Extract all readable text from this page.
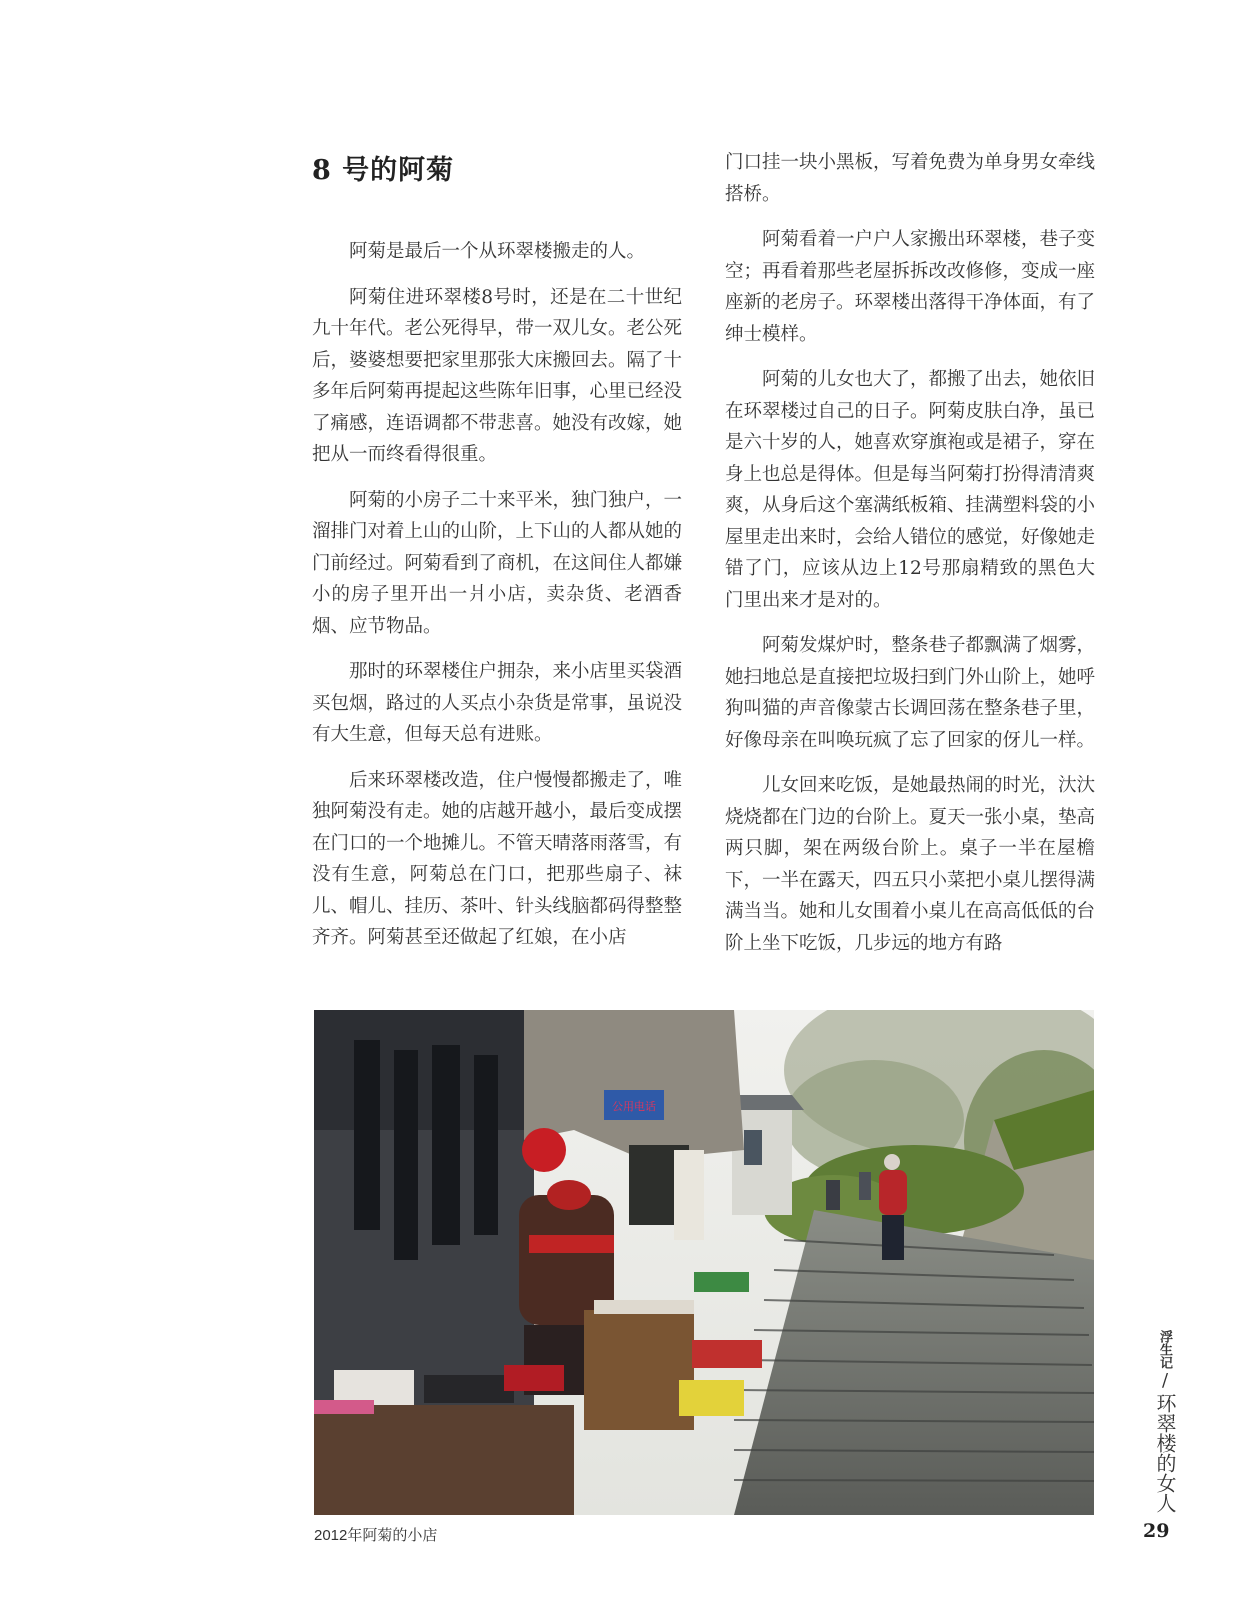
8 号的阿菊

阿菊是最后一个从环翠楼搬走的人。

阿菊住进环翠楼8号时，还是在二十世纪九十年代。老公死得早，带一双儿女。老公死后，婆婆想要把家里那张大床搬回去。隔了十多年后阿菊再提起这些陈年旧事，心里已经没了痛感，连语调都不带悲喜。她没有改嫁，她把从一而终看得很重。

阿菊的小房子二十来平米，独门独户，一溜排门对着上山的山阶，上下山的人都从她的门前经过。阿菊看到了商机，在这间住人都嫌小的房子里开出一爿小店，卖杂货、老酒香烟、应节物品。

那时的环翠楼住户拥杂，来小店里买袋酒买包烟，路过的人买点小杂货是常事，虽说没有大生意，但每天总有进账。

后来环翠楼改造，住户慢慢都搬走了，唯独阿菊没有走。她的店越开越小，最后变成摆在门口的一个地摊儿。不管天晴落雨落雪，有没有生意，阿菊总在门口，把那些扇子、袜儿、帽儿、挂历、茶叶、针头线脑都码得整整齐齐。阿菊甚至还做起了红娘，在小店

门口挂一块小黑板，写着免费为单身男女牵线搭桥。

阿菊看着一户户人家搬出环翠楼，巷子变空；再看着那些老屋拆拆改改修修，变成一座座新的老房子。环翠楼出落得干净体面，有了绅士模样。

阿菊的儿女也大了，都搬了出去，她依旧在环翠楼过自己的日子。阿菊皮肤白净，虽已是六十岁的人，她喜欢穿旗袍或是裙子，穿在身上也总是得体。但是每当阿菊打扮得清清爽爽，从身后这个塞满纸板箱、挂满塑料袋的小屋里走出来时，会给人错位的感觉，好像她走错了门，应该从边上12号那扇精致的黑色大门里出来才是对的。

阿菊发煤炉时，整条巷子都飘满了烟雾，她扫地总是直接把垃圾扫到门外山阶上，她呼狗叫猫的声音像蒙古长调回荡在整条巷子里，好像母亲在叫唤玩疯了忘了回家的伢儿一样。

儿女回来吃饭，是她最热闹的时光，汏汏烧烧都在门边的台阶上。夏天一张小桌，垫高两只脚，架在两级台阶上。桌子一半在屋檐下，一半在露天，四五只小菜把小桌儿摆得满满当当。她和儿女围着小桌儿在高高低低的台阶上坐下吃饭，几步远的地方有路

公用电话
2012年阿菊的小店
浮生记
/
环翠楼的女人
29
